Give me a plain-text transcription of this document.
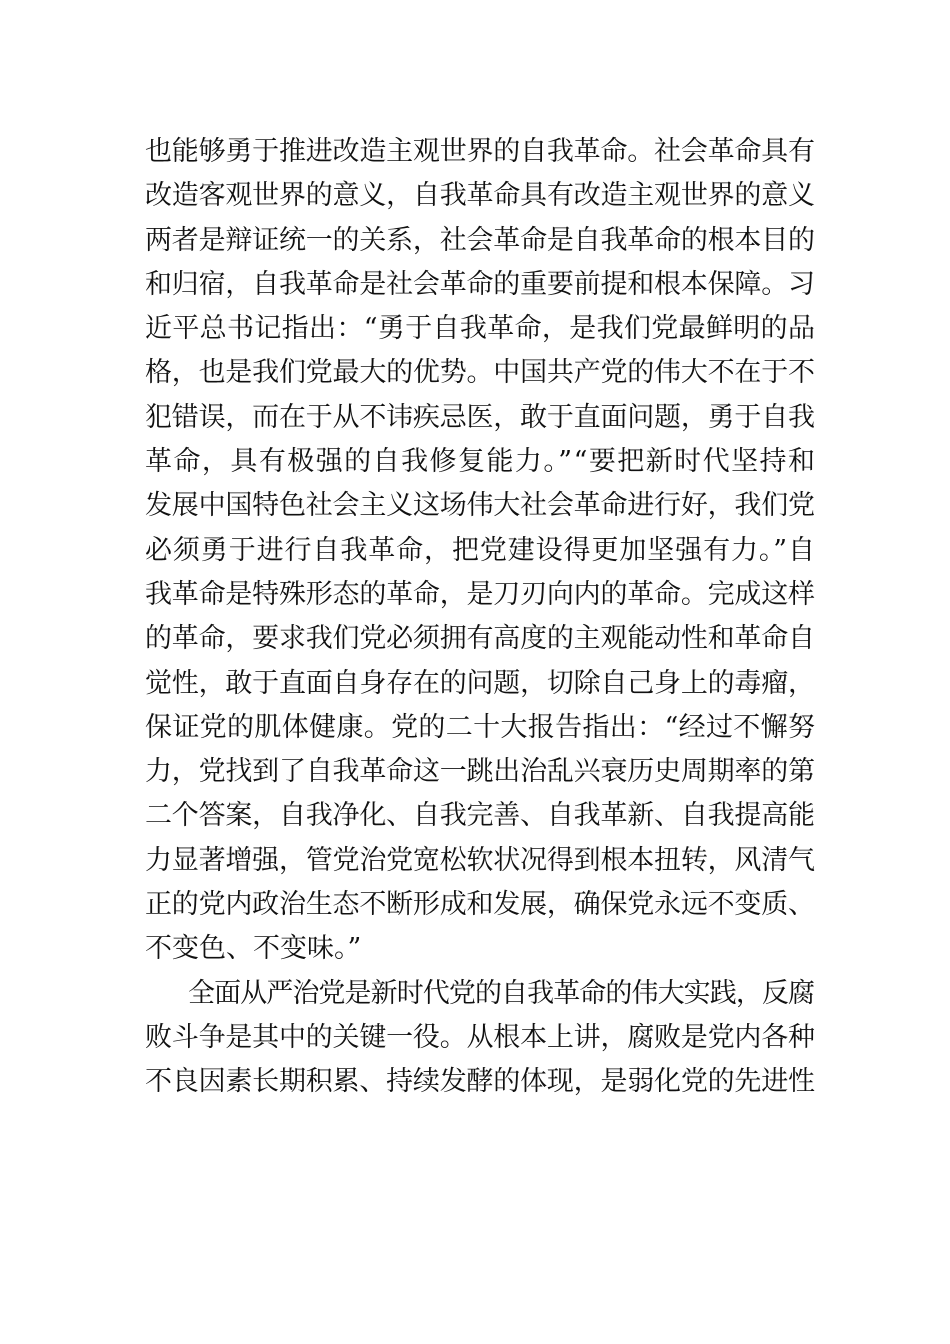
也能够勇于推进改造主观世界的自我革命。社会革命具有
改造客观世界的意义，自我革命具有改造主观世界的意义
两者是辩证统一的关系，社会革命是自我革命的根本目的
和归宿，自我革命是社会革命的重要前提和根本保障。习
近平总书记指出：“勇于自我革命，是我们党最鲜明的品
格，也是我们党最大的优势。中国共产党的伟大不在于不
犯错误，而在于从不讳疾忌医，敢于直面问题，勇于自我
革命，具有极强的自我修复能力。”“要把新时代坚持和
发展中国特色社会主义这场伟大社会革命进行好，我们党
必须勇于进行自我革命，把党建设得更加坚强有力。”自
我革命是特殊形态的革命，是刀刃向内的革命。完成这样
的革命，要求我们党必须拥有高度的主观能动性和革命自
觉性，敢于直面自身存在的问题，切除自己身上的毒瘤，
保证党的肌体健康。党的二十大报告指出：“经过不懈努
力，党找到了自我革命这一跳出治乱兴衰历史周期率的第
二个答案，自我净化、自我完善、自我革新、自我提高能
力显著增强，管党治党宽松软状况得到根本扭转，风清气
正的党内政治生态不断形成和发展，确保党永远不变质、
不变色、不变味。”
全面从严治党是新时代党的自我革命的伟大实践，反腐
败斗争是其中的关键一役。从根本上讲，腐败是党内各种
不良因素长期积累、持续发酵的体现，是弱化党的先进性
